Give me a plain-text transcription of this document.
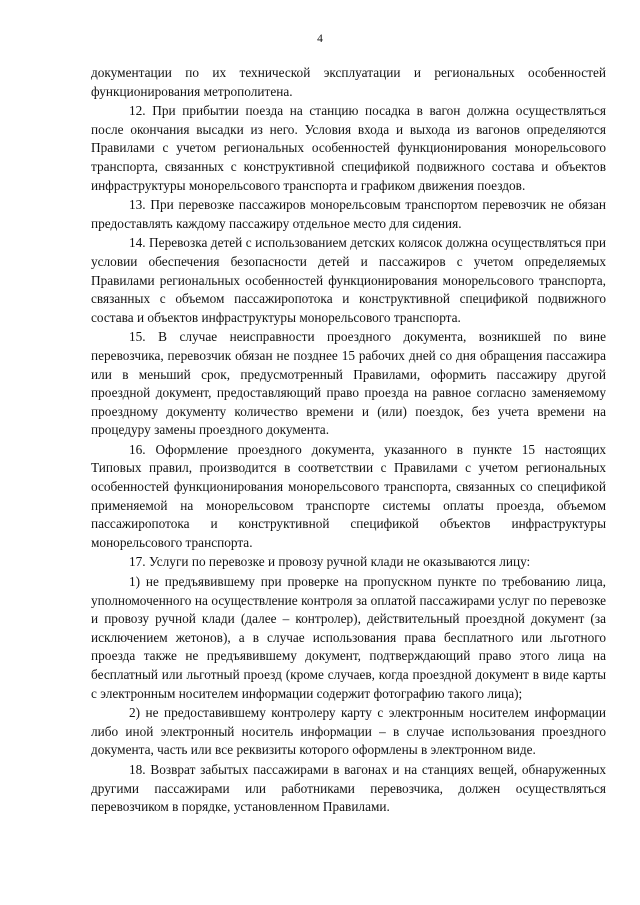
4

документации по их технической эксплуатации и региональных особенностей функционирования метрополитена.

12. При прибытии поезда на станцию посадка в вагон должна осуществляться после окончания высадки из него. Условия входа и выхода из вагонов определяются Правилами с учетом региональных особенностей функционирования монорельсового транспорта, связанных с конструктивной спецификой подвижного состава и объектов инфраструктуры монорельсового транспорта и графиком движения поездов.

13. При перевозке пассажиров монорельсовым транспортом перевозчик не обязан предоставлять каждому пассажиру отдельное место для сидения.

14. Перевозка детей с использованием детских колясок должна осуществляться при условии обеспечения безопасности детей и пассажиров с учетом определяемых Правилами региональных особенностей функционирования монорельсового транспорта, связанных с объемом пассажиропотока и конструктивной спецификой подвижного состава и объектов инфраструктуры монорельсового транспорта.

15. В случае неисправности проездного документа, возникшей по вине перевозчика, перевозчик обязан не позднее 15 рабочих дней со дня обращения пассажира или в меньший срок, предусмотренный Правилами, оформить пассажиру другой проездной документ, предоставляющий право проезда на равное согласно заменяемому проездному документу количество времени и (или) поездок, без учета времени на процедуру замены проездного документа.

16. Оформление проездного документа, указанного в пункте 15 настоящих Типовых правил, производится в соответствии с Правилами с учетом региональных особенностей функционирования монорельсового транспорта, связанных со спецификой применяемой на монорельсовом транспорте системы оплаты проезда, объемом пассажиропотока и конструктивной спецификой объектов инфраструктуры монорельсового транспорта.

17. Услуги по перевозке и провозу ручной клади не оказываются лицу:

1) не предъявившему при проверке на пропускном пункте по требованию лица, уполномоченного на осуществление контроля за оплатой пассажирами услуг по перевозке и провозу ручной клади (далее – контролер), действительный проездной документ (за исключением жетонов), а в случае использования права бесплатного или льготного проезда также не предъявившему документ, подтверждающий право этого лица на бесплатный или льготный проезд (кроме случаев, когда проездной документ в виде карты с электронным носителем информации содержит фотографию такого лица);

2) не предоставившему контролеру карту с электронным носителем информации либо иной электронный носитель информации – в случае использования проездного документа, часть или все реквизиты которого оформлены в электронном виде.

18. Возврат забытых пассажирами в вагонах и на станциях вещей, обнаруженных другими пассажирами или работниками перевозчика, должен осуществляться перевозчиком в порядке, установленном Правилами.
